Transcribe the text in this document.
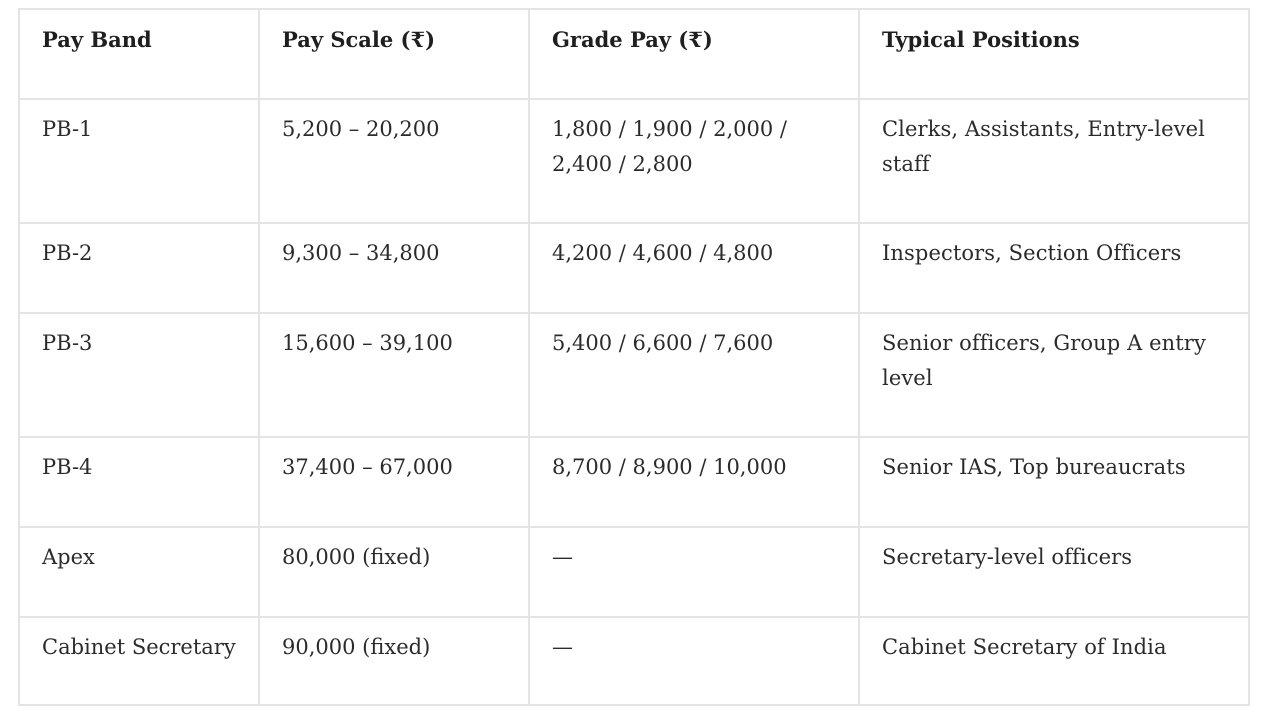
Pay Band	Pay Scale (₹)	Grade Pay (₹)	Typical Positions
PB-1	5,200 – 20,200	1,800 / 1,900 / 2,000 / 2,400 / 2,800	Clerks, Assistants, Entry-level staff
PB-2	9,300 – 34,800	4,200 / 4,600 / 4,800	Inspectors, Section Officers
PB-3	15,600 – 39,100	5,400 / 6,600 / 7,600	Senior officers, Group A entry level
PB-4	37,400 – 67,000	8,700 / 8,900 / 10,000	Senior IAS, Top bureaucrats
Apex	80,000 (fixed)	—	Secretary-level officers
Cabinet Secretary	90,000 (fixed)	—	Cabinet Secretary of India
